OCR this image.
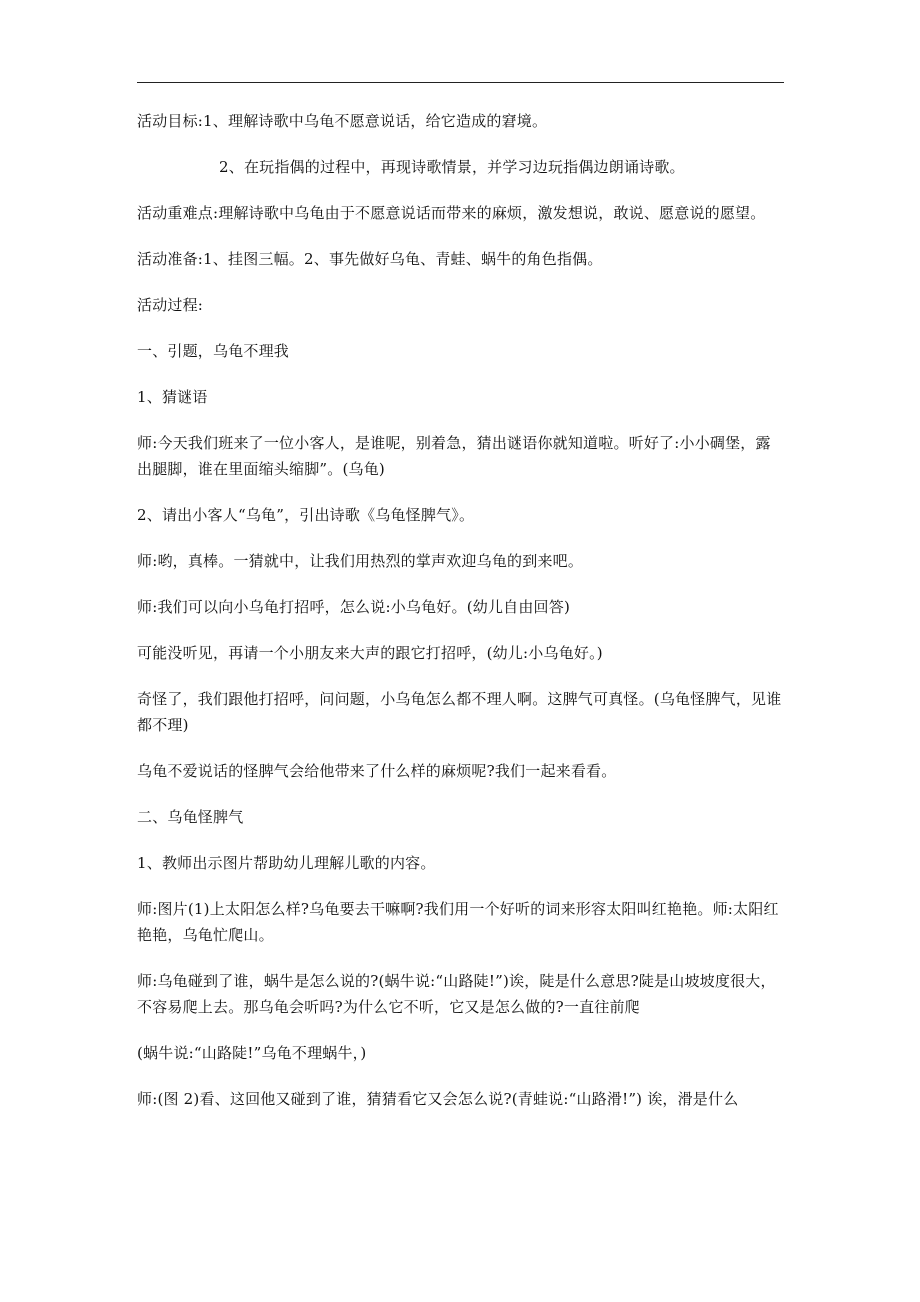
活动目标:1、理解诗歌中乌龟不愿意说话，给它造成的窘境。

2、在玩指偶的过程中，再现诗歌情景，并学习边玩指偶边朗诵诗歌。

活动重难点:理解诗歌中乌龟由于不愿意说话而带来的麻烦，激发想说，敢说、愿意说的愿望。

活动准备:1、挂图三幅。2、事先做好乌龟、青蛙、蜗牛的角色指偶。

活动过程:

一、引题，乌龟不理我

1、猜谜语

师:今天我们班来了一位小客人，是谁呢，别着急，猜出谜语你就知道啦。听好了:小小碉堡，露出腿脚，谁在里面缩头缩脚”。(乌龟)

2、请出小客人“乌龟”，引出诗歌《乌龟怪脾气》。

师:哟，真棒。一猜就中，让我们用热烈的掌声欢迎乌龟的到来吧。

师:我们可以向小乌龟打招呼，怎么说:小乌龟好。(幼儿自由回答)

可能没听见，再请一个小朋友来大声的跟它打招呼，(幼儿:小乌龟好。)

奇怪了，我们跟他打招呼，问问题，小乌龟怎么都不理人啊。这脾气可真怪。(乌龟怪脾气，见谁都不理)

乌龟不爱说话的怪脾气会给他带来了什么样的麻烦呢?我们一起来看看。

二、乌龟怪脾气

1、教师出示图片帮助幼儿理解儿歌的内容。

师:图片(1)上太阳怎么样?乌龟要去干嘛啊?我们用一个好听的词来形容太阳叫红艳艳。师:太阳红艳艳，乌龟忙爬山。

师:乌龟碰到了谁，蜗牛是怎么说的?(蜗牛说:“山路陡!”)诶，陡是什么意思?陡是山坡坡度很大，不容易爬上去。那乌龟会听吗?为什么它不听，它又是怎么做的?一直往前爬

(蜗牛说:“山路陡!”乌龟不理蜗牛，)

师:(图 2)看、这回他又碰到了谁，猜猜看它又会怎么说?(青蛙说:“山路滑!”) 诶，滑是什么
